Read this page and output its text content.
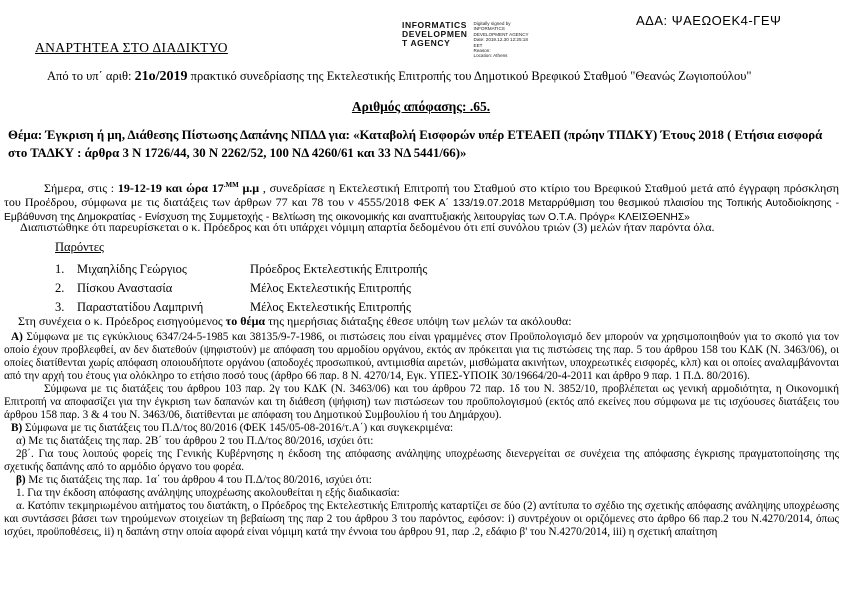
ΑΔΑ: ΨΑΕΩΟΕΚ4-ΓΕΨ
INFORMATICS
DEVELOPMEN
T AGENCY
Digitally signed by
INFORMATICS
DEVELOPMENT AGENCY
Date: 2019.12.30 12:25:18
EET
Reason:
Location: Athens
ΑΝΑΡΤΗΤΕΑ ΣΤΟ ΔΙΑΔΙΚΤΥΟ
Από το υπ΄ αριθ: 21ο/2019 πρακτικό συνεδρίασης της Εκτελεστικής Επιτροπής του Δημοτικού Βρεφικού Σταθμού "Θεανώς Ζωγιοπούλου"
Αριθμός απόφασης: .65.
Θέμα: Έγκριση ή μη, Διάθεσης Πίστωσης Δαπάνης ΝΠΔΔ για: «Καταβολή Εισφορών υπέρ ΕΤΕΑΕΠ (πρώην ΤΠΔΚΥ) Έτους 2018 ( Ετήσια εισφορά στο ΤΑΔΚΥ : άρθρα 3 Ν 1726/44, 30 Ν 2262/52, 100 ΝΔ 4260/61 και 33 ΝΔ 5441/66)»
Σήμερα, στις : 19-12-19 και ώρα $17^{.MM}$ μ.μ , συνεδρίασε η Εκτελεστική Επιτροπή του Σταθμού στο κτίριο του Βρεφικού Σταθμού μετά από έγγραφη πρόσκληση του Προέδρου, σύμφωνα με τις διατάξεις των άρθρων 77 και 78 του ν 4555/2018 ΦΕΚ Α΄ 133/19.07.2018 Μεταρρύθμιση του θεσμικού πλαισίου της Τοπικής Αυτοδιοίκησης - Εμβάθυνση της Δημοκρατίας - Ενίσχυση της Συμμετοχής - Βελτίωση της οικονομικής και αναπτυξιακής λειτουργίας των Ο.Τ.Α. Πρόγρ« ΚΛΕΙΣΘΕΝΗΣ»
Διαπιστώθηκε ότι παρευρίσκεται ο κ. Πρόεδρος και ότι υπάρχει νόμιμη απαρτία δεδομένου ότι επί συνόλου τριών (3) μελών ήταν παρόντα όλα.
Παρόντες
1.	Μιχαηλίδης Γεώργιος	Πρόεδρος Εκτελεστικής Επιτροπής
2.	Πίσκου Αναστασία	Μέλος Εκτελεστικής Επιτροπής
3.	Παραστατίδου Λαμπρινή	Μέλος Εκτελεστικής Επιτροπής
Στη συνέχεια ο κ. Πρόεδρος εισηγούμενος το θέμα της ημερήσιας διάταξης έθεσε υπόψη των μελών τα ακόλουθα:

Α) Σύμφωνα με τις εγκύκλιους 6347/24-5-1985 και 38135/9-7-1986, οι πιστώσεις που είναι γραμμένες στον Προϋπολογισμό δεν μπορούν να χρησιμοποιηθούν για το σκοπό για τον οποίο έχουν προβλεφθεί, αν δεν διατεθούν (ψηφιστούν) με απόφαση του αρμοδίου οργάνου, εκτός αν πρόκειται για τις πιστώσεις της παρ. 5 του άρθρου 158 του ΚΔΚ (Ν. 3463/06), οι οποίες διατίθενται χωρίς απόφαση οποιουδήποτε οργάνου (αποδοχές προσωπικού, αντιμισθία αιρετών, μισθώματα ακινήτων, υποχρεωτικές εισφορές, κλπ) και οι οποίες αναλαμβάνονται από την αρχή του έτους για ολόκληρο το ετήσιο ποσό τους (άρθρο 66 παρ. 8 Ν. 4270/14, Εγκ. ΥΠΕΣ-ΥΠΟΙΚ 30/19664/20-4-2011 και άρθρο 9 παρ. 1 Π.Δ. 80/2016).

Σύμφωνα με τις διατάξεις του άρθρου 103 παρ. 2γ του ΚΔΚ (Ν. 3463/06) και του άρθρου 72 παρ. 1δ του Ν. 3852/10, προβλέπεται ως γενική αρμοδιότητα, η Οικονομική Επιτροπή να αποφασίζει για την έγκριση των δαπανών και τη διάθεση (ψήφιση) των πιστώσεων του προϋπολογισμού (εκτός από εκείνες που σύμφωνα με τις ισχύουσες διατάξεις του άρθρου 158 παρ. 3 & 4 του Ν. 3463/06, διατίθενται με απόφαση του Δημοτικού Συμβουλίου ή του Δημάρχου).

Β) Σύμφωνα με τις διατάξεις του Π.Δ/τος 80/2016 (ΦΕΚ 145/05-08-2016/τ.Α΄) και συγκεκριμένα:

α) Με τις διατάξεις της παρ. 2Β΄ του άρθρου 2 του Π.Δ/τος 80/2016, ισχύει ότι:

2β΄. Για τους λοιπούς φορείς της Γενικής Κυβέρνησης η έκδοση της απόφασης ανάληψης υποχρέωσης διενεργείται σε συνέχεια της απόφασης έγκρισης πραγματοποίησης της σχετικής δαπάνης από το αρμόδιο όργανο του φορέα.

β) Με τις διατάξεις της παρ. 1α΄ του άρθρου 4 του Π.Δ/τος 80/2016, ισχύει ότι:

1. Για την έκδοση απόφασης ανάληψης υποχρέωσης ακολουθείται η εξής διαδικασία:

α. Κατόπιν τεκμηριωμένου αιτήματος του διατάκτη, ο Πρόεδρος της Εκτελεστικής Επιτροπής καταρτίζει σε δύο (2) αντίτυπα το σχέδιο της σχετικής απόφασης ανάληψης υποχρέωσης και συντάσσει βάσει των τηρούμενων στοιχείων τη βεβαίωση της παρ 2 του άρθρου 3 του παρόντος, εφόσον: i) συντρέχουν οι οριζόμενες στο άρθρο 66 παρ.2 του Ν.4270/2014, όπως ισχύει, προϋποθέσεις, ii) η δαπάνη στην οποία αφορά είναι νόμιμη κατά την έννοια του άρθρου 91, παρ .2, εδάφιο β' του Ν.4270/2014, iii) η σχετική απαίτηση
